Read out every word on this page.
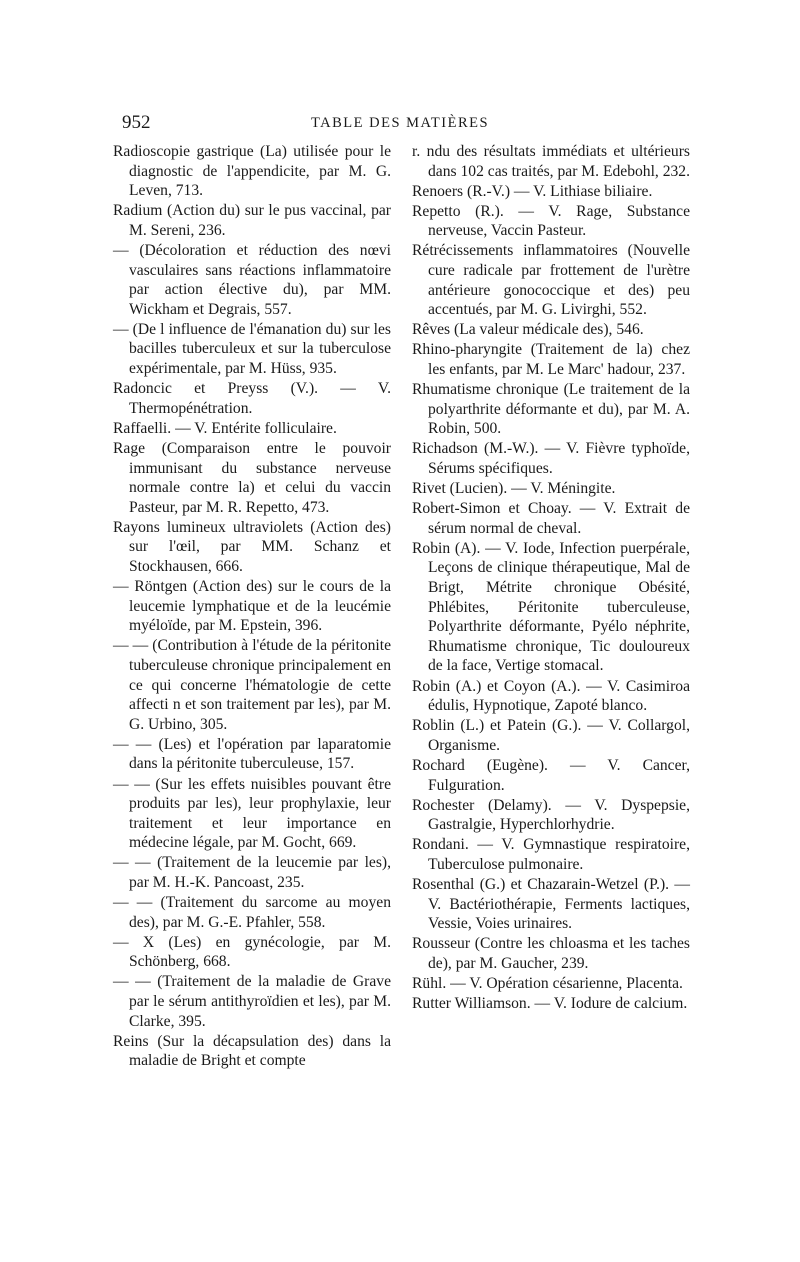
952	TABLE DES MATIÈRES

Radioscopie gastrique (La) utilisée pour le diagnostic de l'appendicite, par M. G. Leven, 713.

Radium (Action du) sur le pus vaccinal, par M. Sereni, 236.

— (Décoloration et réduction des nœvi vasculaires sans réactions inflammatoire par action élective du), par MM. Wickham et Degrais, 557.

— (De l influence de l'émanation du) sur les bacilles tuberculeux et sur la tuberculose expérimentale, par M. Hüss, 935.

Radoncic et Preyss (V.). — V. Thermopénétration.

Raffaelli. — V. Entérite folliculaire.

Rage (Comparaison entre le pouvoir immunisant du substance nerveuse normale contre la) et celui du vaccin Pasteur, par M. R. Repetto, 473.

Rayons lumineux ultraviolets (Action des) sur l'œil, par MM. Schanz et Stockhausen, 666.

— Röntgen (Action des) sur le cours de la leucemie lymphatique et de la leucémie myéloïde, par M. Epstein, 396.

— — (Contribution à l'étude de la péritonite tuberculeuse chronique principalement en ce qui concerne l'hématologie de cette affecti n et son traitement par les), par M. G. Urbino, 305.

— — (Les) et l'opération par laparatomie dans la péritonite tuberculeuse, 157.

— — (Sur les effets nuisibles pouvant être produits par les), leur prophylaxie, leur traitement et leur importance en médecine légale, par M. Gocht, 669.

— — (Traitement de la leucemie par les), par M. H.-K. Pancoast, 235.

— — (Traitement du sarcome au moyen des), par M. G.-E. Pfahler, 558.

— X (Les) en gynécologie, par M. Schönberg, 668.

— — (Traitement de la maladie de Grave par le sérum antithyroïdien et les), par M. Clarke, 395.

Reins (Sur la décapsulation des) dans la maladie de Bright et compte

r. ndu des résultats immédiats et ultérieurs dans 102 cas traités, par M. Edebohl, 232.

Renoers (R.-V.) — V. Lithiase biliaire.

Repetto (R.). — V. Rage, Substance nerveuse, Vaccin Pasteur.

Rétrécissements inflammatoires (Nouvelle cure radicale par frottement de l'urètre antérieure gonococcique et des) peu accentués, par M. G. Livirghi, 552.

Rêves (La valeur médicale des), 546.

Rhino-pharyngite (Traitement de la) chez les enfants, par M. Le Marc' hadour, 237.

Rhumatisme chronique (Le traitement de la polyarthrite déformante et du), par M. A. Robin, 500.

Richadson (M.-W.). — V. Fièvre typhoïde, Sérums spécifiques.

Rivet (Lucien). — V. Méningite.

Robert-Simon et Choay. — V. Extrait de sérum normal de cheval.

Robin (A). — V. Iode, Infection puerpérale, Leçons de clinique thérapeutique, Mal de Brigt, Métrite chronique Obésité, Phlébites, Péritonite tuberculeuse, Polyarthrite déformante, Pyélo néphrite, Rhumatisme chronique, Tic douloureux de la face, Vertige stomacal.

Robin (A.) et Coyon (A.). — V. Casimiroa édulis, Hypnotique, Zapoté blanco.

Roblin (L.) et Patein (G.). — V. Collargol, Organisme.

Rochard (Eugène). — V. Cancer, Fulguration.

Rochester (Delamy). — V. Dyspepsie, Gastralgie, Hyperchlorhydrie.

Rondani. — V. Gymnastique respiratoire, Tuberculose pulmonaire.

Rosenthal (G.) et Chazarain-Wetzel (P.). — V. Bactériothérapie, Ferments lactiques, Vessie, Voies urinaires.

Rousseur (Contre les chloasma et les taches de), par M. Gaucher, 239.

Rühl. — V. Opération césarienne, Placenta.

Rutter Williamson. — V. Iodure de calcium.
